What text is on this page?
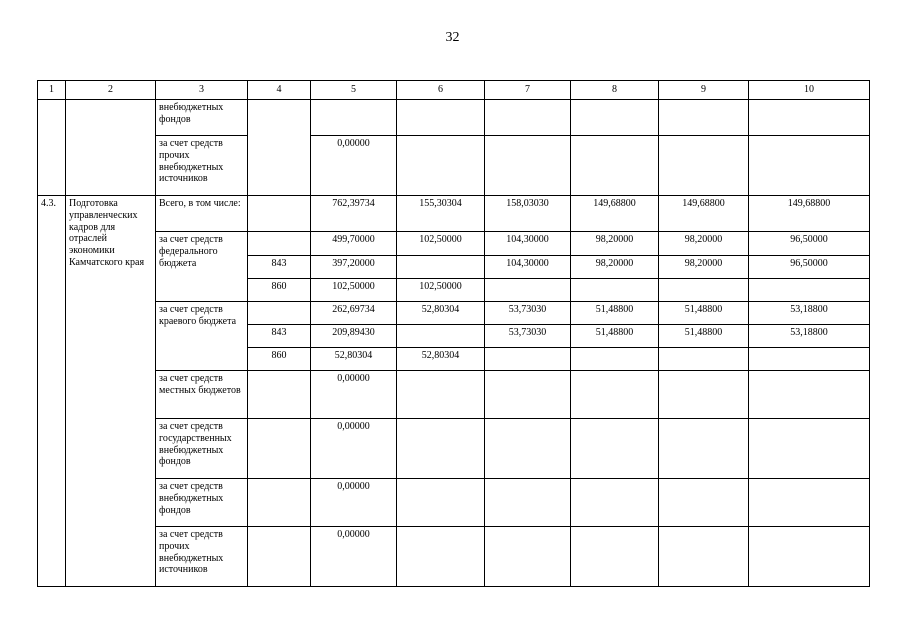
32
1	2	3	4	5	6	7	8	9	10
		внебюджетных фондов							
		за счет средств прочих внебюджетных источников		0,00000					
4.3.	Подготовка управленческих кадров для отраслей экономики Камчатского края	Всего, в том числе:		762,39734	155,30304	158,03030	149,68800	149,68800	149,68800
		за счет средств федерального бюджета		499,70000	102,50000	104,30000	98,20000	98,20000	96,50000
			843	397,20000		104,30000	98,20000	98,20000	96,50000
			860	102,50000	102,50000				
		за счет средств краевого бюджета		262,69734	52,80304	53,73030	51,48800	51,48800	53,18800
			843	209,89430		53,73030	51,48800	51,48800	53,18800
			860	52,80304	52,80304				
		за счет средств местных бюджетов		0,00000					
		за счет средств государственных внебюджетных фондов		0,00000					
		за счет средств внебюджетных фондов		0,00000					
		за счет средств прочих внебюджетных источников		0,00000					
